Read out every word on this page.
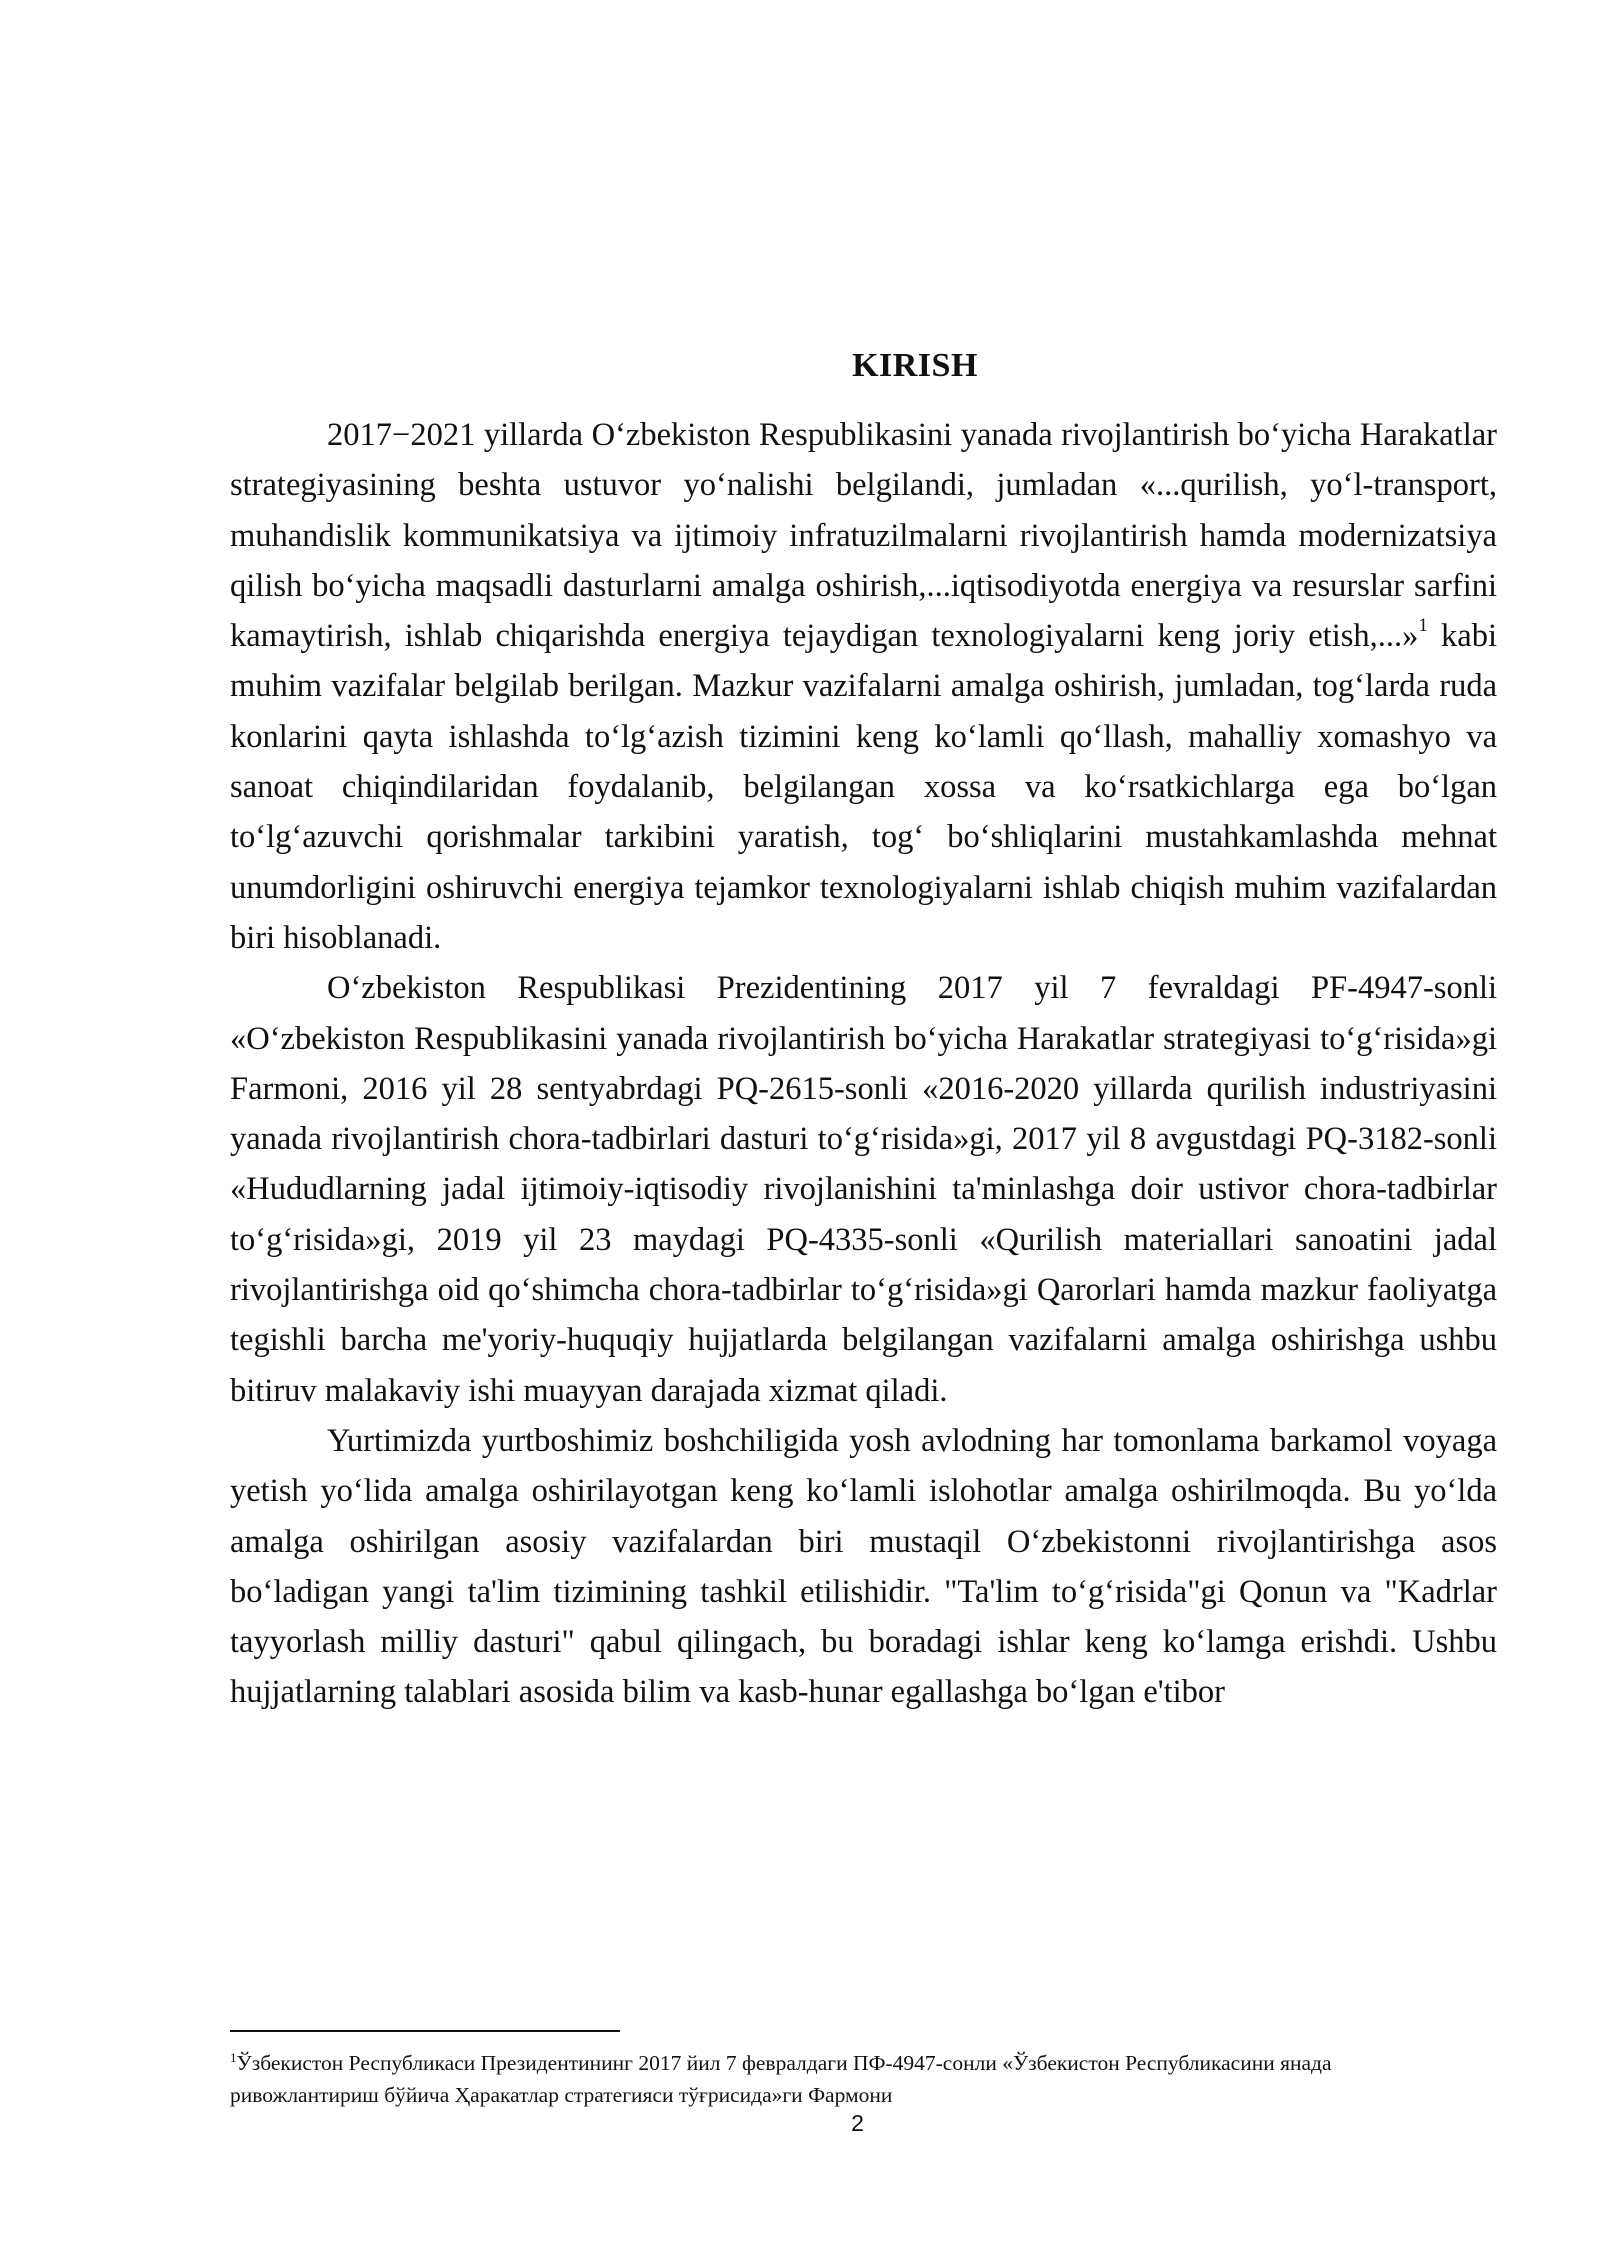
KIRISH

2017−2021 yillarda O‘zbekiston Respublikasini yanada rivojlantirish bo‘yicha Harakatlar strategiyasining beshta ustuvor yo‘nalishi belgilandi, jumladan «...qurilish, yo‘l-transport, muhandislik kommunikatsiya va ijtimoiy infratuzilmalarni rivojlantirish hamda modernizatsiya qilish bo‘yicha maqsadli dasturlarni amalga oshirish,...iqtisodiyotda energiya va resurslar sarfini kamaytirish, ishlab chiqarishda energiya tejaydigan texnologiyalarni keng joriy etish,...»$^1$ kabi muhim vazifalar belgilab berilgan. Mazkur vazifalarni amalga oshirish, jumladan, tog‘larda ruda konlarini qayta ishlashda to‘lg‘azish tizimini keng ko‘lamli qo‘llash, mahalliy xomashyo va sanoat chiqindilaridan foydalanib, belgilangan xossa va ko‘rsatkichlarga ega bo‘lgan to‘lg‘azuvchi qorishmalar tarkibini yaratish, tog‘ bo‘shliqlarini mustahkamlashda mehnat unumdorligini oshiruvchi energiya tejamkor texnologiyalarni ishlab chiqish muhim vazifalardan biri hisoblanadi.

O‘zbekiston Respublikasi Prezidentining 2017 yil 7 fevraldagi PF-4947-sonli «O‘zbekiston Respublikasini yanada rivojlantirish bo‘yicha Harakatlar strategiyasi to‘g‘risida»gi Farmoni, 2016 yil 28 sentyabrdagi PQ-2615-sonli «2016-2020 yillarda qurilish industriyasini yanada rivojlantirish chora-tadbirlari dasturi to‘g‘risida»gi, 2017 yil 8 avgustdagi PQ-3182-sonli «Hududlarning jadal ijtimoiy-iqtisodiy rivojlanishini ta'minlashga doir ustivor chora-tadbirlar to‘g‘risida»gi, 2019 yil 23 maydagi PQ-4335-sonli «Qurilish materiallari sanoatini jadal rivojlantirishga oid qo‘shimcha chora-tadbirlar to‘g‘risida»gi Qarorlari hamda mazkur faoliyatga tegishli barcha me'yoriy-huquqiy hujjatlarda belgilangan vazifalarni amalga oshirishga ushbu bitiruv malakaviy ishi muayyan darajada xizmat qiladi.

Yurtimizda yurtboshimiz boshchiligida yosh avlodning har tomonlama barkamol voyaga yetish yo‘lida amalga oshirilayotgan keng ko‘lamli islohotlar amalga oshirilmoqda. Bu yo‘lda amalga oshirilgan asosiy vazifalardan biri mustaqil O‘zbekistonni rivojlantirishga asos bo‘ladigan yangi ta'lim tizimining tashkil etilishidir. "Ta'lim to‘g‘risida"gi Qonun va "Kadrlar tayyorlash milliy dasturi" qabul qilingach, bu boradagi ishlar keng ko‘lamga erishdi. Ushbu hujjatlarning talablari asosida bilim va kasb-hunar egallashga bo‘lgan e'tibor

$^1$Ўзбекистон Республикаси Президентининг 2017 йил 7 февралдаги ПФ-4947-сонли «Ўзбекистон Республикасини янада ривожлантириш бўйича Ҳаракатлар стратегияси тўғрисида»ги Фармони
2
